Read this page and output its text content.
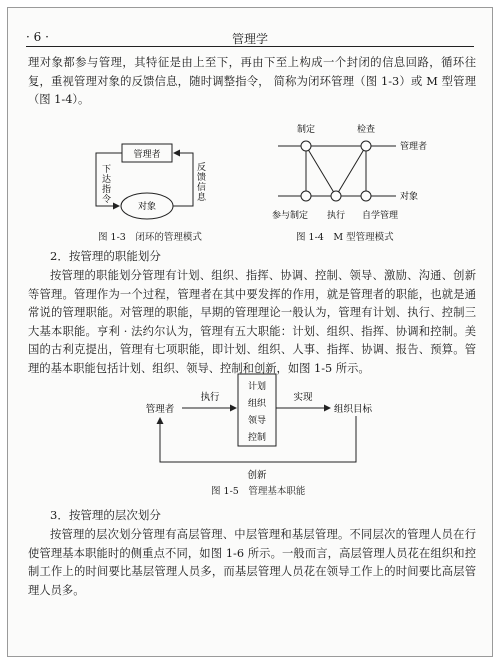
· 6 ·	管理学

理对象都参与管理，其特征是由上至下，再由下至上构成一个封闭的信息回路，循环往复，重视管理对象的反馈信息，随时调整指令， 简称为闭环管理（图 1-3）或 M 型管理（图 1-4）。

管理者
对象
下
达
指
令
反
馈
信
息

图 1-3　闭环的管理模式

制定	检查
管理者
对象
参与制定 执行 自学管理

图 1-4　M 型管理模式

2．按管理的职能划分

按管理的职能划分管理有计划、组织、指挥、协调、控制、领导、激励、沟通、创新等管理。管理作为一个过程，管理者在其中要发挥的作用，就是管理者的职能，也就是通常说的管理职能。对管理的职能，早期的管理理论一般认为，管理有计划、执行、控制三大基本职能。亨利 · 法约尔认为，管理有五大职能：计划、组织、指挥、协调和控制。美国的古利克提出，管理有七项职能，即计划、组织、人事、指挥、协调、报告、预算。管理的基本职能包括计划、组织、领导、控制和创新，如图 1-5 所示。

管理者
执行
计划
组织
领导
控制
实现
组织目标
创新

图 1-5　管理基本职能

3．按管理的层次划分

按管理的层次划分管理有高层管理、中层管理和基层管理。不同层次的管理人员在行使管理基本职能时的侧重点不同，如图 1-6 所示。一般而言，高层管理人员花在组织和控制工作上的时间要比基层管理人员多，而基层管理人员花在领导工作上的时间要比高层管理人员多。
